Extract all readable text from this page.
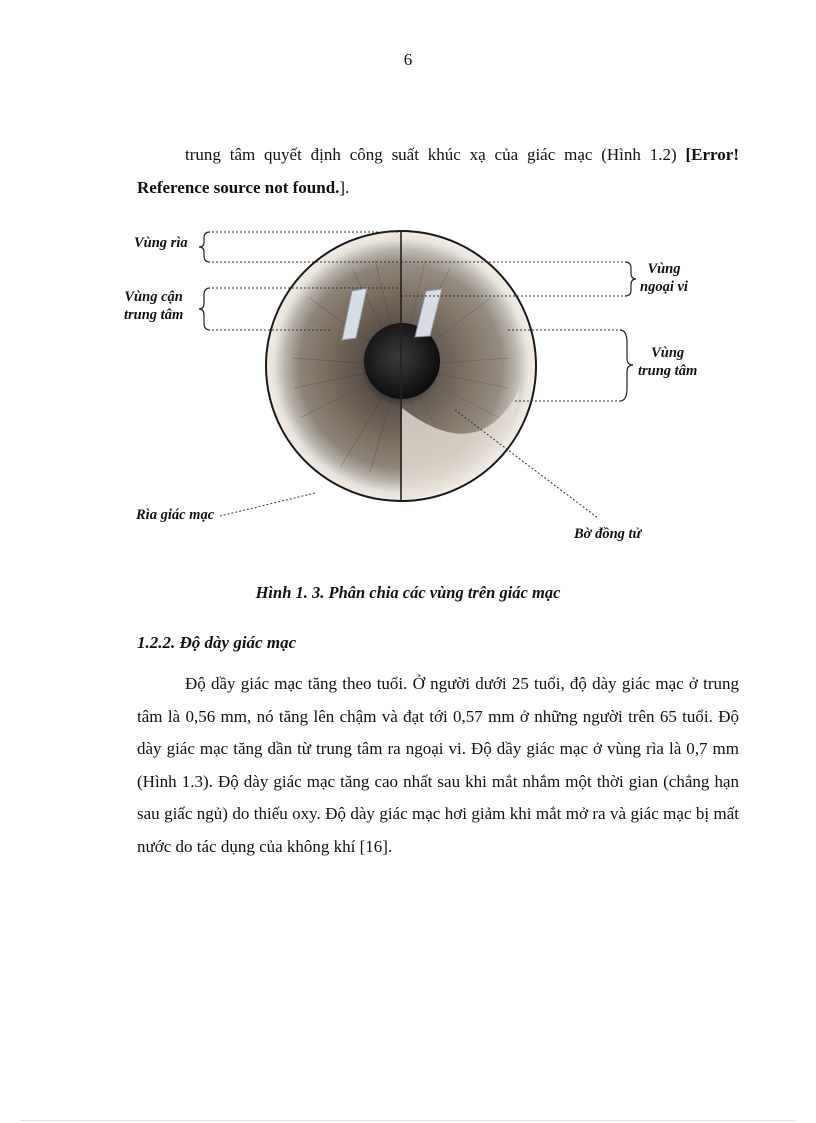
6
trung tâm quyết định công suất khúc xạ của giác mạc (Hình 1.2) [Error! Reference source not found.].
Vùng rìa
Vùng cận
trung tâm
Vùng
ngoại vi
Vùng
trung tâm
Rìa giác mạc
Bờ đồng tử
Hình 1. 3. Phân chia các vùng trên giác mạc
1.2.2. Độ dày giác mạc
Độ dầy giác mạc tăng theo tuổi. Ở người dưới 25 tuổi, độ dày giác mạc ở trung tâm là 0,56 mm, nó tăng lên chậm và đạt tới 0,57 mm ở những người trên 65 tuổi. Độ dày giác mạc tăng dần từ trung tâm ra ngoại vi. Độ dầy giác mạc ở vùng rìa là 0,7 mm (Hình 1.3). Độ dày giác mạc tăng cao nhất sau khi mắt nhắm một thời gian (chẳng hạn sau giấc ngủ) do thiếu oxy. Độ dày giác mạc hơi giảm khi mắt mở ra và giác mạc bị mất nước do tác dụng của không khí [16].
